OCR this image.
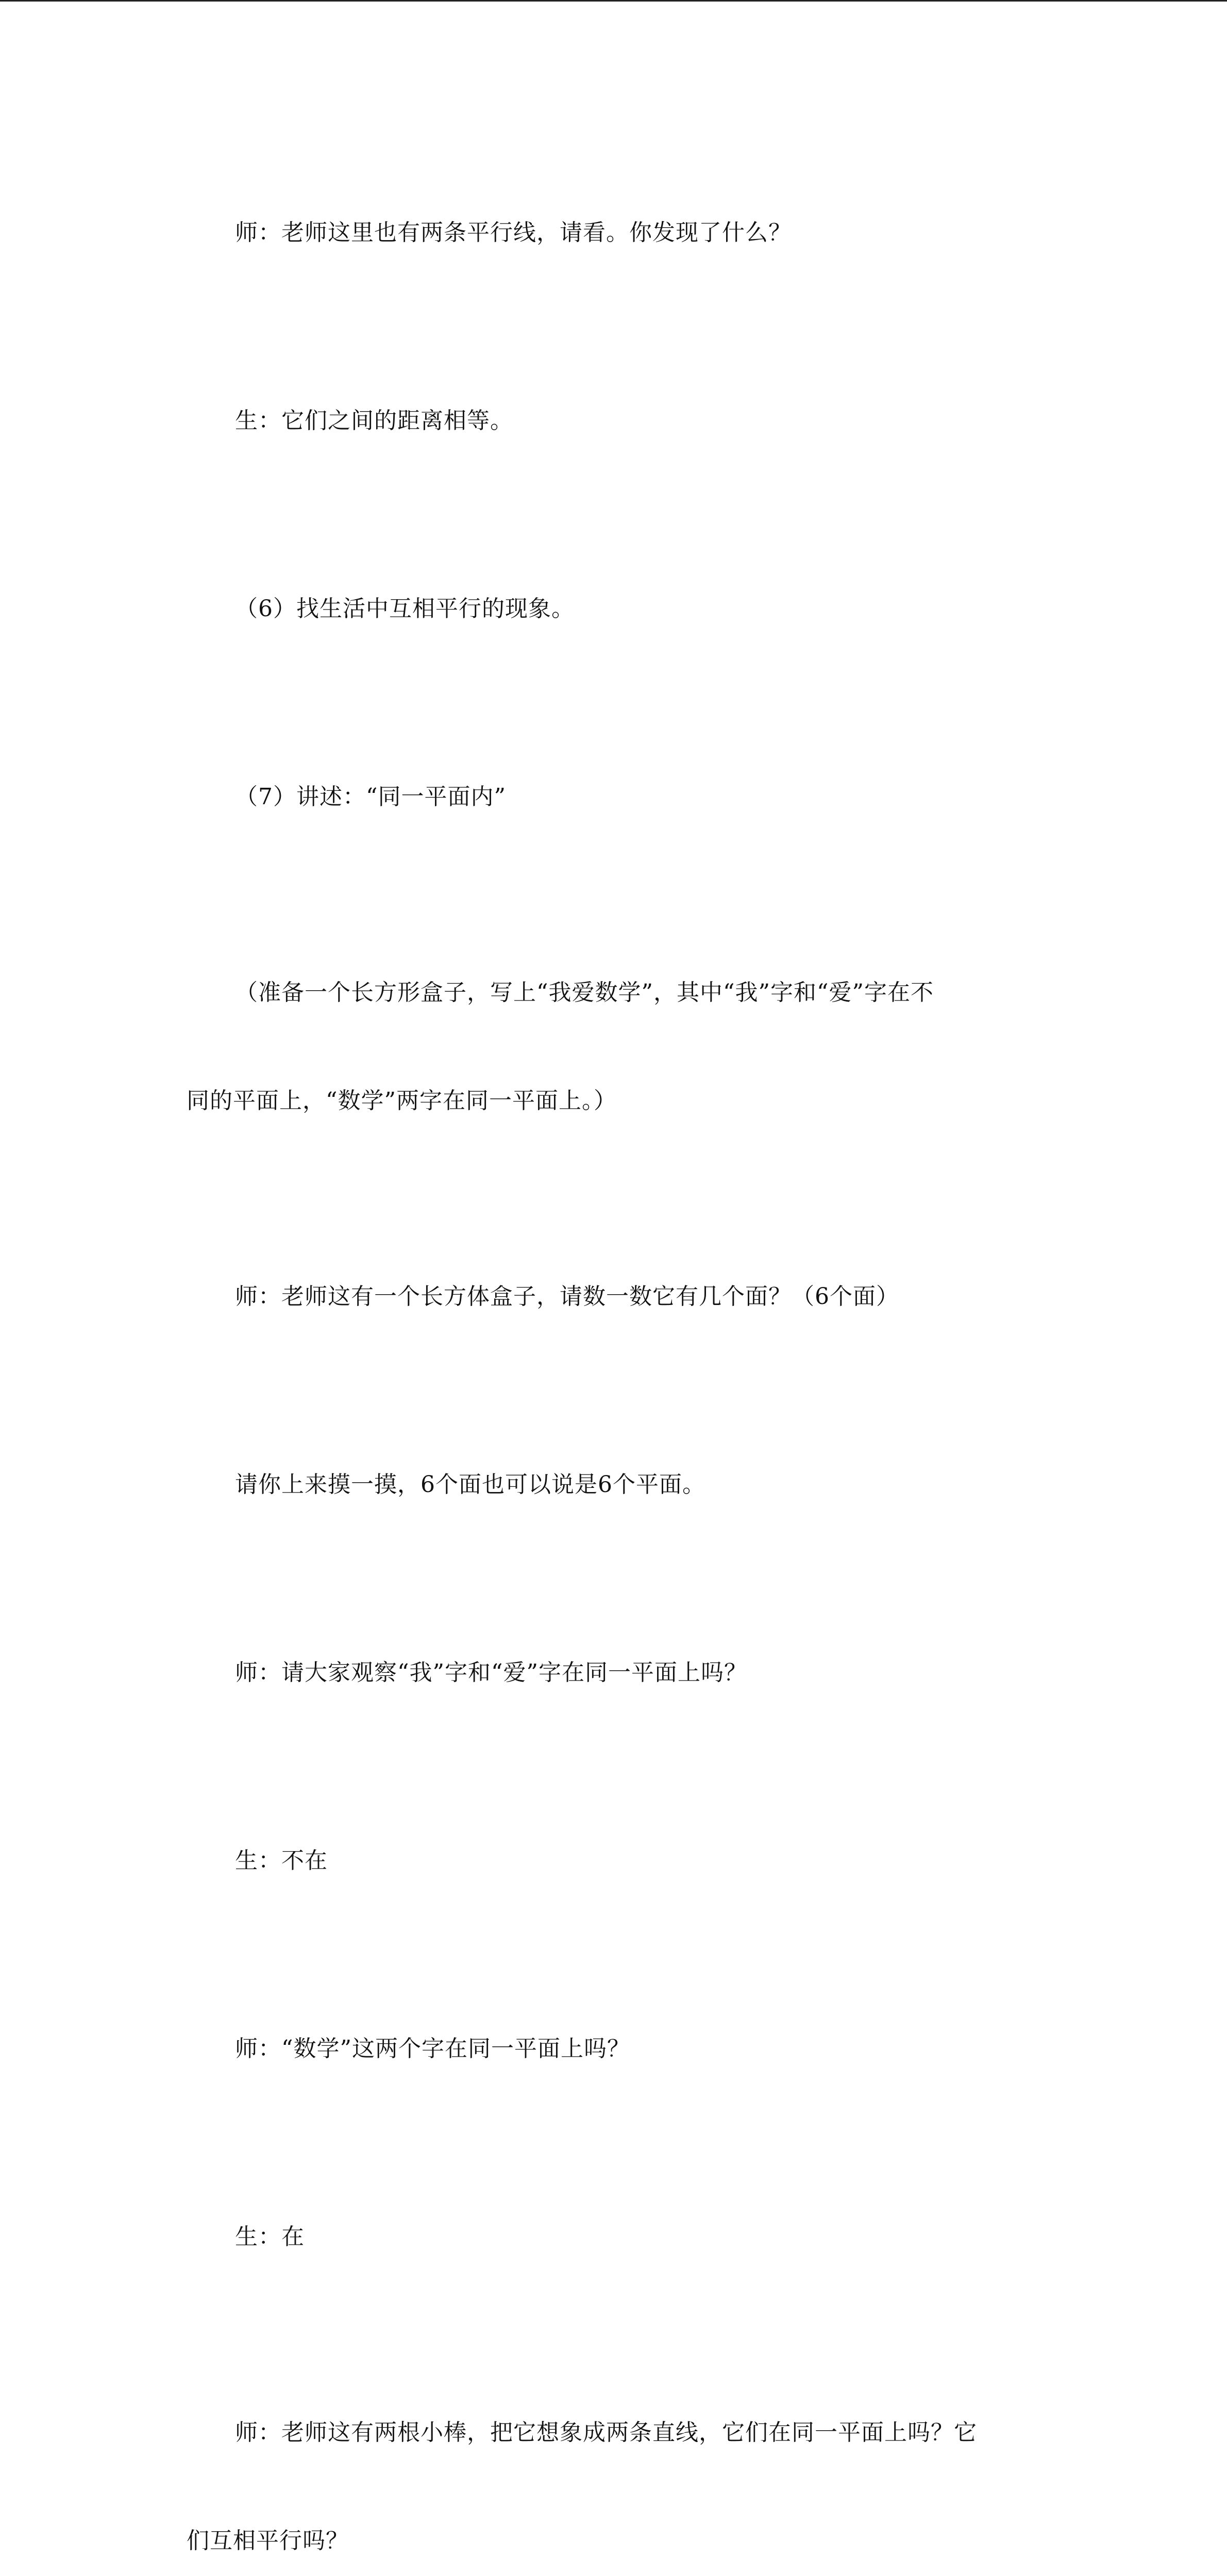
师：老师这里也有两条平行线，请看。你发现了什么？

生：它们之间的距离相等。

（6）找生活中互相平行的现象。

（7）讲述：“同一平面内”

（准备一个长方形盒子，写上“我爱数学”，其中“我”字和“爱”字在不

同的平面上，“数学”两字在同一平面上。）

师：老师这有一个长方体盒子，请数一数它有几个面？（6个面）

请你上来摸一摸，6个面也可以说是6个平面。

师：请大家观察“我”字和“爱”字在同一平面上吗？

生：不在

师：“数学”这两个字在同一平面上吗？

生：在

师：老师这有两根小棒，把它想象成两条直线，它们在同一平面上吗？它

们互相平行吗？
